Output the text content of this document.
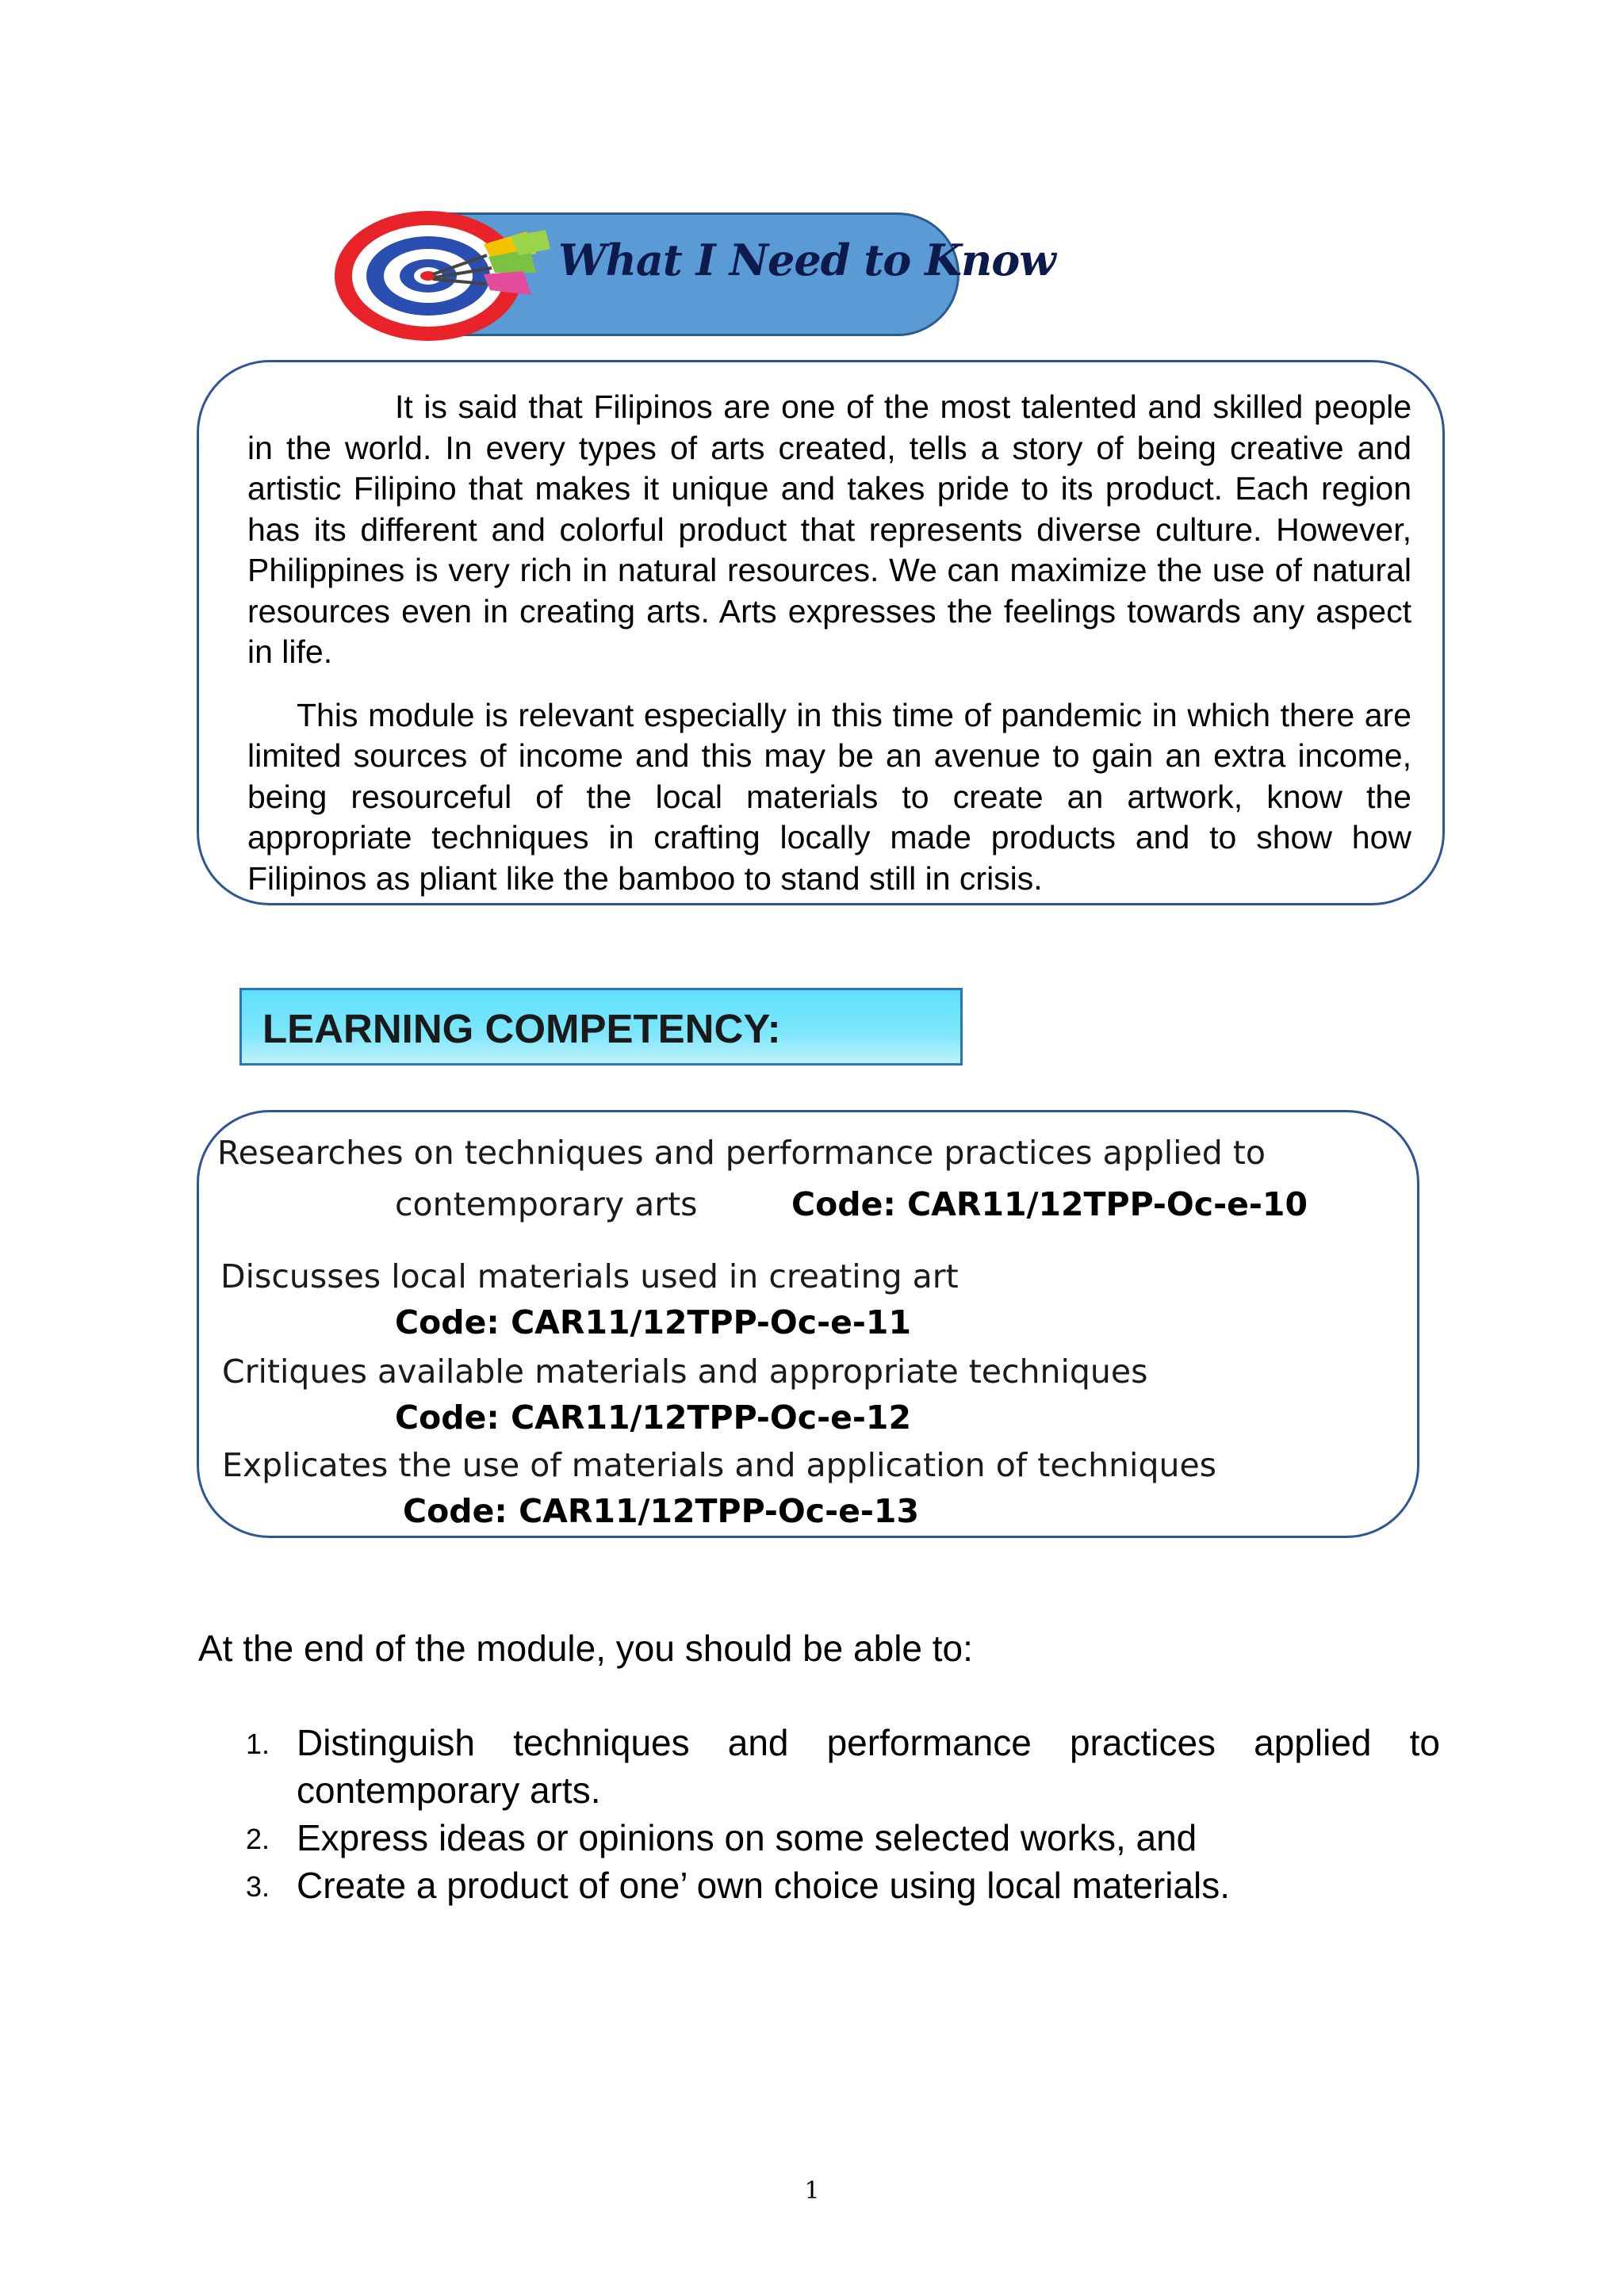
What I Need to Know

It is said that Filipinos are one of the most talented and skilled people in the world. In every types of arts created, tells a story of being creative and artistic Filipino that makes it unique and takes pride to its product. Each region has its different and colorful product that represents diverse culture. However, Philippines is very rich in natural resources. We can maximize the use of natural resources even in creating arts. Arts expresses the feelings towards any aspect in life.

This module is relevant especially in this time of pandemic in which there are limited sources of income and this may be an avenue to gain an extra income, being resourceful of the local materials to create an artwork, know the appropriate techniques in crafting locally made products and to show how Filipinos as pliant like the bamboo to stand still in crisis.

LEARNING COMPETENCY:
Researches on techniques and performance practices applied to
contemporary arts	Code: CAR11/12TPP-Oc-e-10
Discusses local materials used in creating art
Code: CAR11/12TPP-Oc-e-11
Critiques available materials and appropriate techniques
Code: CAR11/12TPP-Oc-e-12
Explicates the use of materials and application of techniques
Code: CAR11/12TPP-Oc-e-13
At the end of the module, you should be able to:
1. Distinguish techniques and performance practices applied to
contemporary arts.
2. Express ideas or opinions on some selected works, and
3. Create a product of one’ own choice using local materials.
1
